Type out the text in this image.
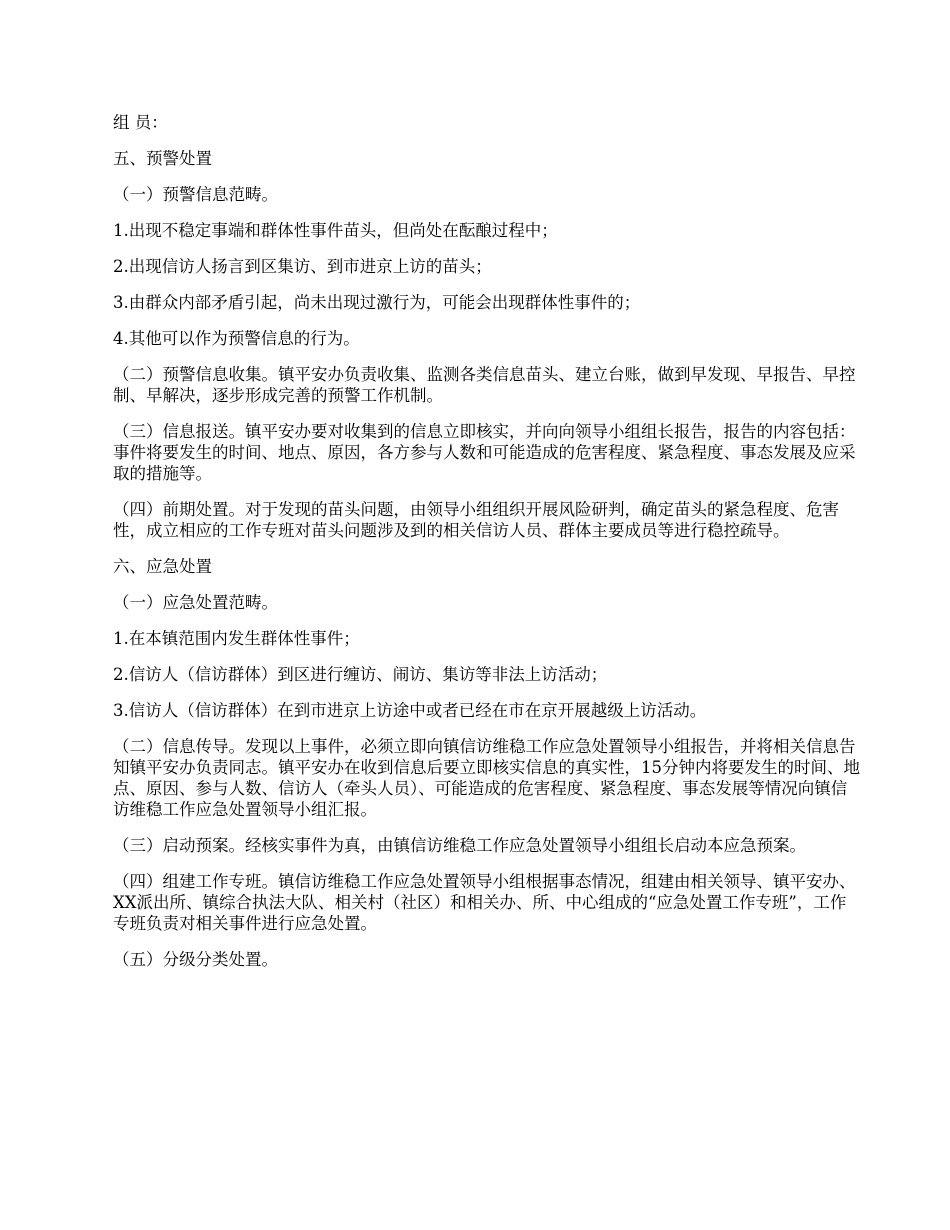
组 员：

五、预警处置

（一）预警信息范畴。

1.出现不稳定事端和群体性事件苗头，但尚处在酝酿过程中；

2.出现信访人扬言到区集访、到市进京上访的苗头；

3.由群众内部矛盾引起，尚未出现过激行为，可能会出现群体性事件的；

4.其他可以作为预警信息的行为。

（二）预警信息收集。镇平安办负责收集、监测各类信息苗头、建立台账，做到早发现、早报告、早控制、早解决，逐步形成完善的预警工作机制。

（三）信息报送。镇平安办要对收集到的信息立即核实，并向向领导小组组长报告，报告的内容包括：事件将要发生的时间、地点、原因，各方参与人数和可能造成的危害程度、紧急程度、事态发展及应采取的措施等。

（四）前期处置。对于发现的苗头问题，由领导小组组织开展风险研判，确定苗头的紧急程度、危害性，成立相应的工作专班对苗头问题涉及到的相关信访人员、群体主要成员等进行稳控疏导。

六、应急处置

（一）应急处置范畴。

1.在本镇范围内发生群体性事件；

2.信访人（信访群体）到区进行缠访、闹访、集访等非法上访活动；

3.信访人（信访群体）在到市进京上访途中或者已经在市在京开展越级上访活动。

（二）信息传导。发现以上事件，必须立即向镇信访维稳工作应急处置领导小组报告，并将相关信息告知镇平安办负责同志。镇平安办在收到信息后要立即核实信息的真实性，15分钟内将要发生的时间、地点、原因、参与人数、信访人（牵头人员）、可能造成的危害程度、紧急程度、事态发展等情况向镇信访维稳工作应急处置领导小组汇报。

（三）启动预案。经核实事件为真，由镇信访维稳工作应急处置领导小组组长启动本应急预案。

（四）组建工作专班。镇信访维稳工作应急处置领导小组根据事态情况，组建由相关领导、镇平安办、XX派出所、镇综合执法大队、相关村（社区）和相关办、所、中心组成的“应急处置工作专班”，工作专班负责对相关事件进行应急处置。

（五）分级分类处置。
